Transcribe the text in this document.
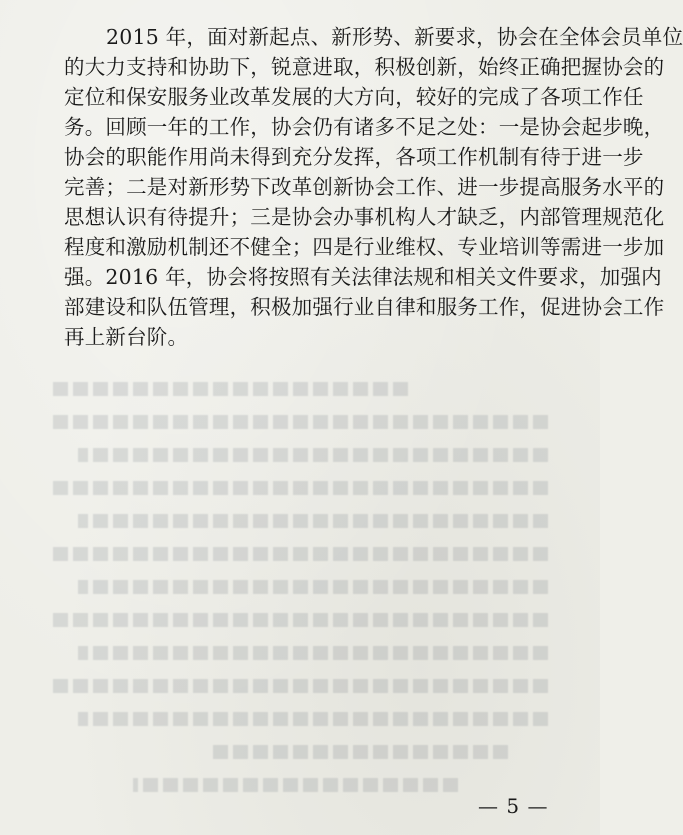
2015 年，面对新起点、新形势、新要求，协会在全体会员单位
的大力支持和协助下，锐意进取，积极创新，始终正确把握协会的
定位和保安服务业改革发展的大方向，较好的完成了各项工作任
务。回顾一年的工作，协会仍有诸多不足之处：一是协会起步晚，
协会的职能作用尚未得到充分发挥，各项工作机制有待于进一步
完善；二是对新形势下改革创新协会工作、进一步提高服务水平的
思想认识有待提升；三是协会办事机构人才缺乏，内部管理规范化
程度和激励机制还不健全；四是行业维权、专业培训等需进一步加
强。2016 年，协会将按照有关法律法规和相关文件要求，加强内
部建设和队伍管理，积极加强行业自律和服务工作，促进协会工作
再上新台阶。
— 5 —
